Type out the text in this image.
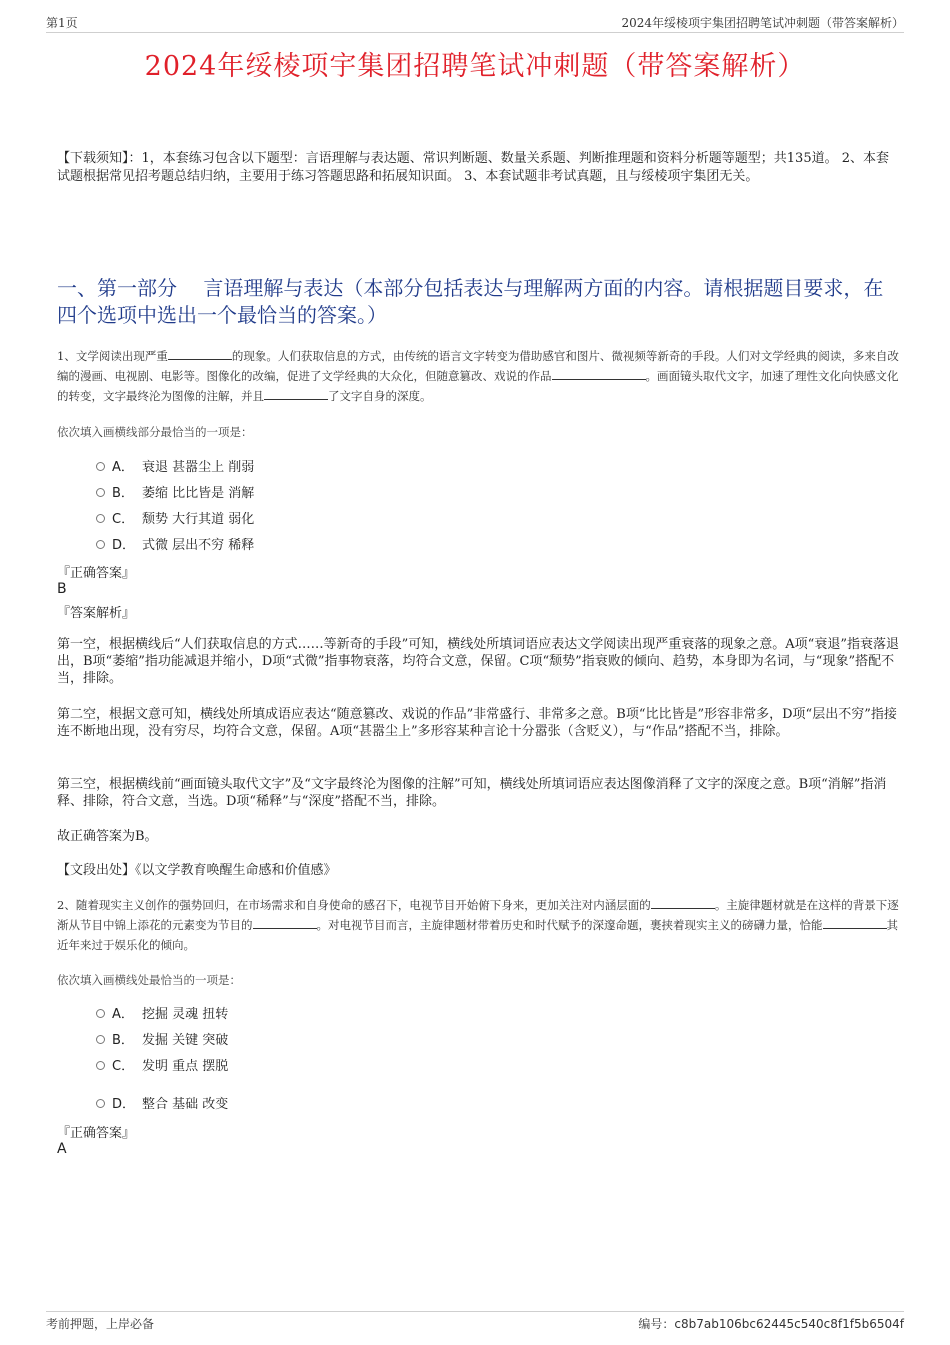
第1页	2024年绥棱项宇集团招聘笔试冲刺题（带答案解析）
2024年绥棱项宇集团招聘笔试冲刺题（带答案解析）
【下载须知】：1，本套练习包含以下题型：言语理解与表达题、常识判断题、数量关系题、判断推理题和资料分析题等题型；共135道。 2、本套试题根据常见招考题总结归纳，主要用于练习答题思路和拓展知识面。 3、本套试题非考试真题，且与绥棱项宇集团无关。
一、第一部分　 言语理解与表达（本部分包括表达与理解两方面的内容。请根据题目要求，在四个选项中选出一个最恰当的答案。）
1、文学阅读出现严重	的现象。人们获取信息的方式，由传统的语言文字转变为借助感官和图片、微视频等新奇的手段。人们对文学经典的阅读，多来自改编的漫画、电视剧、电影等。图像化的改编，促进了文学经典的大众化，但随意篡改、戏说的作品	。画面镜头取代文字，加速了理性文化向快感文化的转变，文字最终沦为图像的注解，并且	了文字自身的深度。
依次填入画横线部分最恰当的一项是：
A． 衰退 甚嚣尘上 削弱
B． 萎缩 比比皆是 消解
C． 颓势 大行其道 弱化
D． 式微 层出不穷 稀释
『正确答案』
B
『答案解析』
第一空，根据横线后“人们获取信息的方式……等新奇的手段”可知，横线处所填词语应表达文学阅读出现严重衰落的现象之意。A项“衰退”指衰落退出，B项“萎缩”指功能减退并缩小，D项“式微”指事物衰落，均符合文意，保留。C项“颓势”指衰败的倾向、趋势，本身即为名词，与“现象”搭配不当，排除。
第二空，根据文意可知，横线处所填成语应表达“随意篡改、戏说的作品”非常盛行、非常多之意。B项“比比皆是”形容非常多，D项“层出不穷”指接连不断地出现，没有穷尽，均符合文意，保留。A项“甚嚣尘上”多形容某种言论十分嚣张（含贬义），与“作品”搭配不当，排除。
第三空，根据横线前“画面镜头取代文字”及“文字最终沦为图像的注解”可知，横线处所填词语应表达图像消释了文字的深度之意。B项“消解”指消释、排除，符合文意，当选。D项“稀释”与“深度”搭配不当，排除。
故正确答案为B。
【文段出处】《以文学教育唤醒生命感和价值感》
2、随着现实主义创作的强势回归，在市场需求和自身使命的感召下，电视节目开始俯下身来，更加关注对内涵层面的	。主旋律题材就是在这样的背景下逐渐从节目中锦上添花的元素变为节目的	。对电视节目而言，主旋律题材带着历史和时代赋予的深邃命题，裹挟着现实主义的磅礴力量，恰能	其近年来过于娱乐化的倾向。
依次填入画横线处最恰当的一项是：
A． 挖掘 灵魂 扭转
B． 发掘 关键 突破
C． 发明 重点 摆脱
D． 整合 基础 改变
『正确答案』
A
考前押题，上岸必备	编号：c8b7ab106bc62445c540c8f1f5b6504f
